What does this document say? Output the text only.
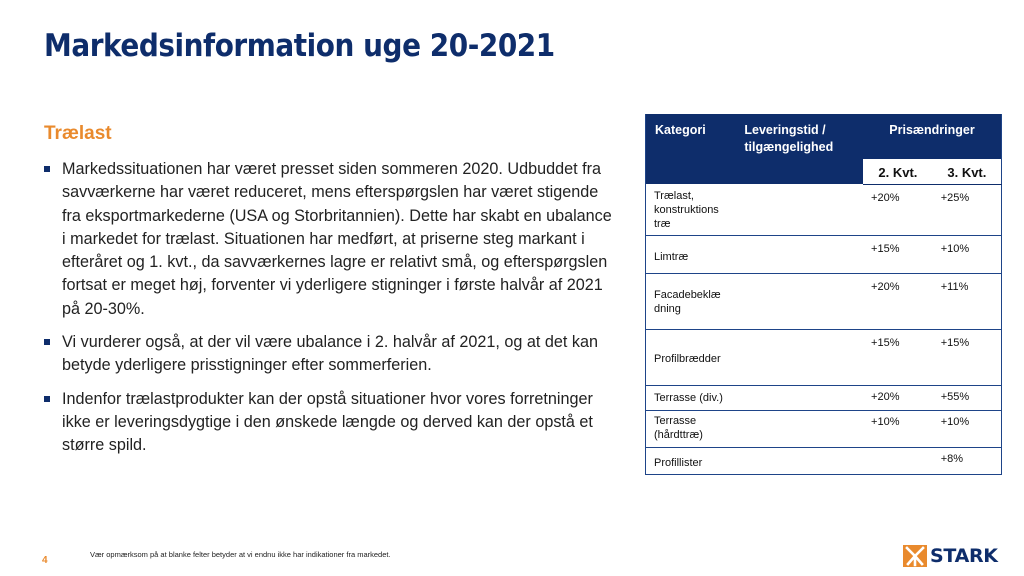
Markedsinformation uge 20-2021
Trælast
Markedssituationen har været presset siden sommeren 2020. Udbuddet fra savværkerne har været reduceret, mens efterspørgslen har været stigende fra eksportmarkederne (USA og Storbritannien). Dette har skabt en ubalance i markedet for trælast. Situationen har medført, at priserne steg markant i efteråret og 1. kvt., da savværkernes lagre er relativt små, og efterspørgslen fortsat er meget høj, forventer vi yderligere stigninger i første halvår af 2021 på 20-30%.
Vi vurderer også, at der vil være ubalance i 2. halvår af 2021, og at det kan betyde yderligere prisstigninger efter sommerferien.
Indenfor trælastprodukter kan der opstå situationer hvor vores forretninger ikke er leveringsdygtige i den ønskede længde og derved kan der opstå et større spild.
Kategori	Leveringstid / tilgængelighed	Prisændringer	
		2. Kvt.	3. Kvt.
Trælast, konstruktions træ		+20%	+25%
Limtræ		+15%	+10%
Facadebeklæ dning		+20%	+11%
Profilbrædder		+15%	+15%
Terrasse (div.)		+20%	+55%
Terrasse (hårdttræ)		+10%	+10%
Profillister			+8%
4
Vær opmærksom på at blanke felter betyder at vi endnu ikke har indikationer fra markedet.	STARK
